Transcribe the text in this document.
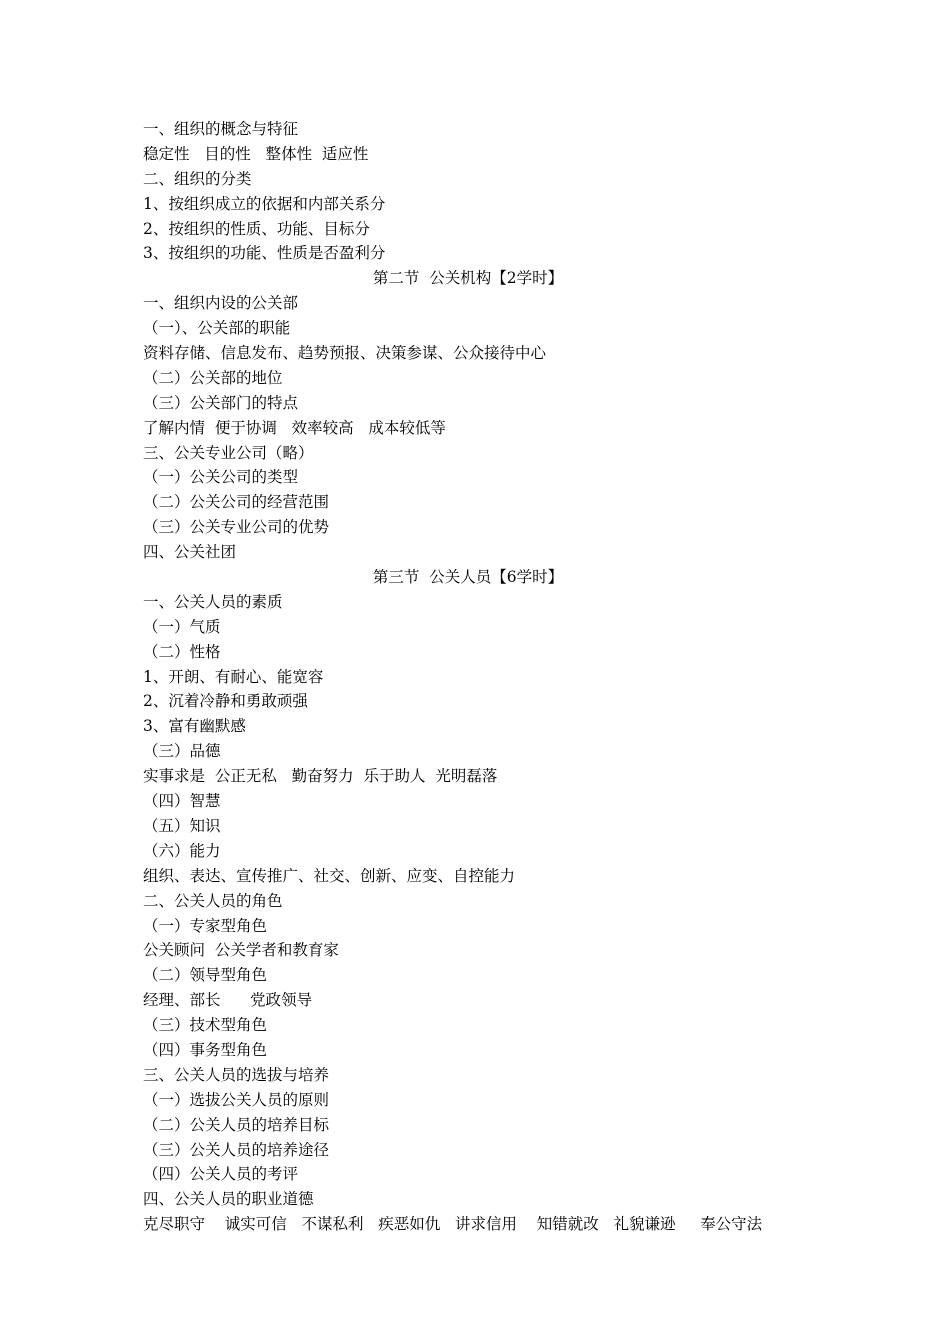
一、组织的概念与特征
稳定性   目的性   整体性  适应性
二、组织的分类
1、按组织成立的依据和内部关系分
2、按组织的性质、功能、目标分
3、按组织的功能、性质是否盈利分
第二节  公关机构【2学时】
一、组织内设的公关部
（一）、公关部的职能
资料存储、信息发布、趋势预报、决策参谋、公众接待中心
（二）公关部的地位
（三）公关部门的特点
了解内情  便于协调   效率较高   成本较低等
三、公关专业公司（略）
（一）公关公司的类型
（二）公关公司的经营范围
（三）公关专业公司的优势
四、公关社团
第三节  公关人员【6学时】
一、公关人员的素质
（一）气质
（二）性格
1、开朗、有耐心、能宽容
2、沉着冷静和勇敢顽强
3、富有幽默感
（三）品德
实事求是  公正无私   勤奋努力  乐于助人  光明磊落
（四）智慧
（五）知识
（六）能力
组织、表达、宣传推广、社交、创新、应变、自控能力
二、公关人员的角色
（一）专家型角色
公关顾问  公关学者和教育家
（二）领导型角色
经理、部长      党政领导
（三）技术型角色
（四）事务型角色
三、公关人员的选拔与培养
（一）选拔公关人员的原则
（二）公关人员的培养目标
（三）公关人员的培养途径
（四）公关人员的考评
四、公关人员的职业道德
克尽职守    诚实可信   不谋私利   疾恶如仇   讲求信用    知错就改   礼貌谦逊     奉公守法
